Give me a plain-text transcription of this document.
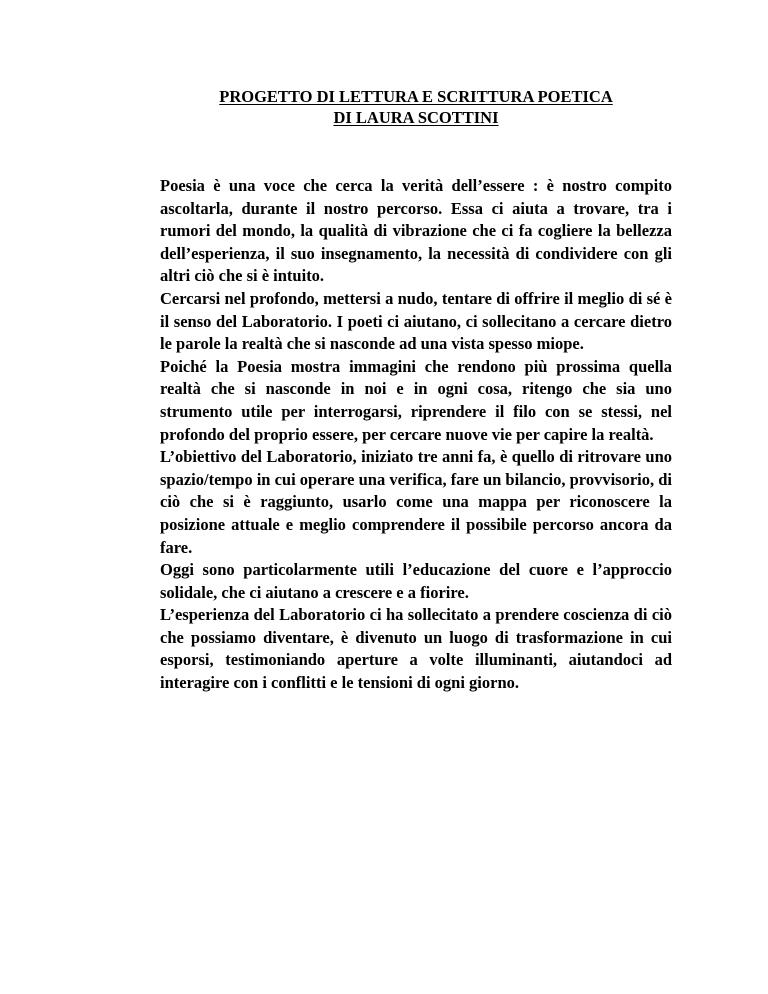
PROGETTO DI LETTURA E SCRITTURA POETICA
DI LAURA SCOTTINI

Poesia è una voce che cerca la verità dell’essere : è nostro compito ascoltarla, durante il nostro percorso. Essa ci aiuta a trovare, tra i rumori del mondo, la qualità di vibrazione che ci fa cogliere la bellezza dell’esperienza, il suo insegnamento, la necessità di condividere con gli altri ciò che si è intuito.

Cercarsi nel profondo, mettersi a nudo, tentare di offrire il meglio di sé è il senso del Laboratorio. I poeti ci aiutano, ci sollecitano a cercare dietro le parole la realtà che si nasconde ad una vista spesso miope.

Poiché la Poesia mostra immagini che rendono più prossima quella realtà che si nasconde in noi e in ogni cosa, ritengo che sia uno strumento utile per interrogarsi, riprendere il filo con se stessi, nel profondo del proprio essere, per cercare nuove vie per capire la realtà.

L’obiettivo del Laboratorio, iniziato tre anni fa, è quello di ritrovare uno spazio/tempo in cui operare una verifica, fare un bilancio, provvisorio, di ciò che si è raggiunto, usarlo come una mappa per riconoscere la posizione attuale e meglio comprendere il possibile percorso ancora da fare.

Oggi sono particolarmente utili l’educazione del cuore e l’approccio solidale, che ci aiutano a crescere e a fiorire.

L’esperienza del Laboratorio ci ha sollecitato a prendere coscienza di ciò che possiamo diventare, è divenuto un luogo di trasformazione in cui esporsi, testimoniando aperture a volte illuminanti, aiutandoci ad interagire con i conflitti e le tensioni di ogni giorno.
